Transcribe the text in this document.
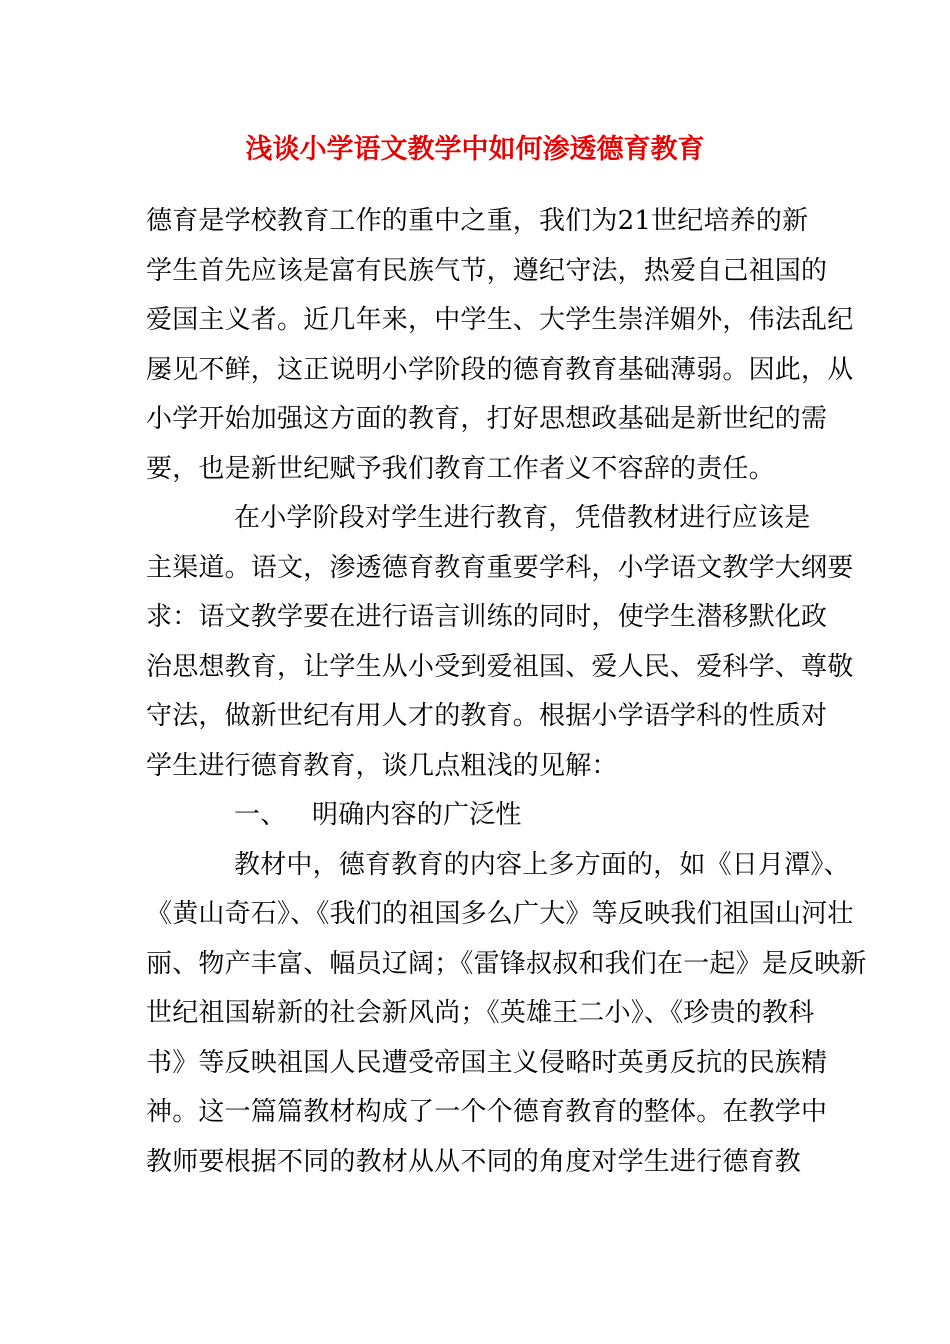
浅谈小学语文教学中如何渗透德育教育
德育是学校教育工作的重中之重，我们为21世纪培养的新
学生首先应该是富有民族气节，遵纪守法，热爱自己祖国的
爱国主义者。近几年来，中学生、大学生崇洋媚外，伟法乱纪
屡见不鲜，这正说明小学阶段的德育教育基础薄弱。因此，从
小学开始加强这方面的教育，打好思想政基础是新世纪的需
要，也是新世纪赋予我们教育工作者义不容辞的责任。
在小学阶段对学生进行教育，凭借教材进行应该是
主渠道。语文，渗透德育教育重要学科，小学语文教学大纲要
求：语文教学要在进行语言训练的同时，使学生潜移默化政
治思想教育，让学生从小受到爱祖国、爱人民、爱科学、尊敬
守法，做新世纪有用人才的教育。根据小学语学科的性质对
学生进行德育教育，谈几点粗浅的见解：
一、 明确内容的广泛性
教材中，德育教育的内容上多方面的，如《日月潭》、
《黄山奇石》、《我们的祖国多么广大》等反映我们祖国山河壮
丽、物产丰富、幅员辽阔；《雷锋叔叔和我们在一起》是反映新
世纪祖国崭新的社会新风尚；《英雄王二小》、《珍贵的教科
书》等反映祖国人民遭受帝国主义侵略时英勇反抗的民族精
神。这一篇篇教材构成了一个个德育教育的整体。在教学中
教师要根据不同的教材从从不同的角度对学生进行德育教
